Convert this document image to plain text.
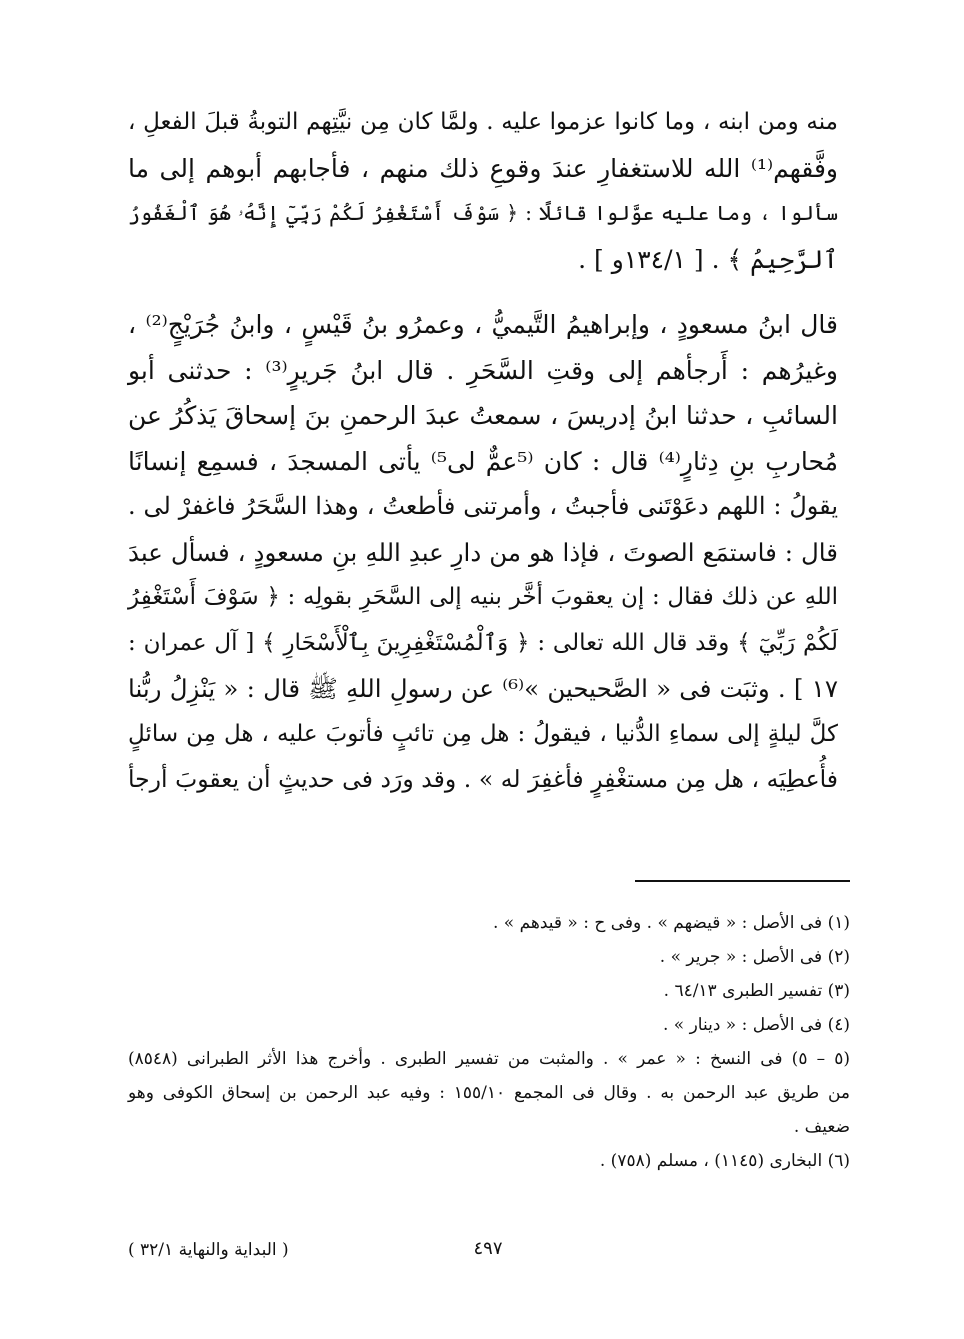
منه ومن ابنه ، وما كانوا عزموا عليه . ولمَّا كان مِن نيَّتِهم التوبةُ قبلَ الفعلِ ،
وفَّقهم⁽¹⁾ الله للاستغفارِ عندَ وقوعِ ذلك منهم ، فأجابهم أبوهم إلى ما
سألوا ، وما عليه عوَّلوا قائلًا : ﴿ سَوْفَ أَسْتَغْفِرُ لَكُمْ رَبِّيٓ إِنَّهُۥ هُوَ ٱلْغَفُورُ
ٱلرَّحِيمُ ﴾ . [ ١٣٤/١و ] .

قال ابنُ مسعودٍ ، وإبراهيمُ التَّيميُّ ، وعمرُو بنُ قَيْسٍ ، وابنُ جُرَيْجٍ⁽²⁾ ،
وغيرُهم : أَرجأهم إلى وقتِ السَّحَرِ . قال ابنُ جَريرٍ⁽³⁾ : حدثنى أبو
السائبِ ، حدثنا ابنُ إدريسَ ، سمعتُ عبدَ الرحمنِ بنَ إسحاقَ يَذكُرُ عن
مُحاربِ بنِ دِثارٍ⁽⁴⁾ قال : كان ⁽⁵عمٌّ لى⁵⁾ يأتى المسجدَ ، فسمِع إنسانًا
يقولُ : اللهم دعَوْتَنى فأجبتُ ، وأمرتنى فأطعتُ ، وهذا السَّحَرُ فاغفرْ لى .
قال : فاستمَع الصوتَ ، فإذا هو من دارِ عبدِ اللهِ بنِ مسعودٍ ، فسأل عبدَ
اللهِ عن ذلك فقال : إن يعقوبَ أخَّر بنيه إلى السَّحَرِ بقولِه : ﴿ سَوْفَ أَسْتَغْفِرُ
لَكُمْ رَبِّيٓ ﴾ وقد قال الله تعالى : ﴿ وَٱلْمُسْتَغْفِرِينَ بِٱلْأَسْحَارِ ﴾ [ آل عمران :
١٧ ] . وثبَت فى « الصَّحيحين »⁽⁶⁾ عن رسولِ اللهِ ﷺ قال : « يَنْزِلُ ربُّنا
كلَّ ليلةٍ إلى سماءِ الدُّنيا ، فيقولُ : هل مِن تائبٍ فأتوبَ عليه ، هل مِن سائلٍ
فأُعطِيَه ، هل مِن مستغْفِرٍ فأغفِرَ له » . وقد ورَد فى حديثٍ أن يعقوبَ أرجأ

(١) فى الأصل : « قيضهم » . وفى ح : « قيدهم » .
(٢) فى الأصل : « جرير » .
(٣) تفسير الطبرى ٦٤/١٣ .
(٤) فى الأصل : « دينار » .
(٥ – ٥) فى النسخ : « عمر » . والمثبت من تفسير الطبرى . وأخرج هذا الأثر الطبرانى (٨٥٤٨)
من طريق عبد الرحمن به . وقال فى المجمع ١٥٥/١٠ : وفيه عبد الرحمن بن إسحاق الكوفى وهو
ضعيف .
(٦) البخارى (١١٤٥) ، مسلم (٧٥٨) .
٤٩٧
( البداية والنهاية ٣٢/١ )
